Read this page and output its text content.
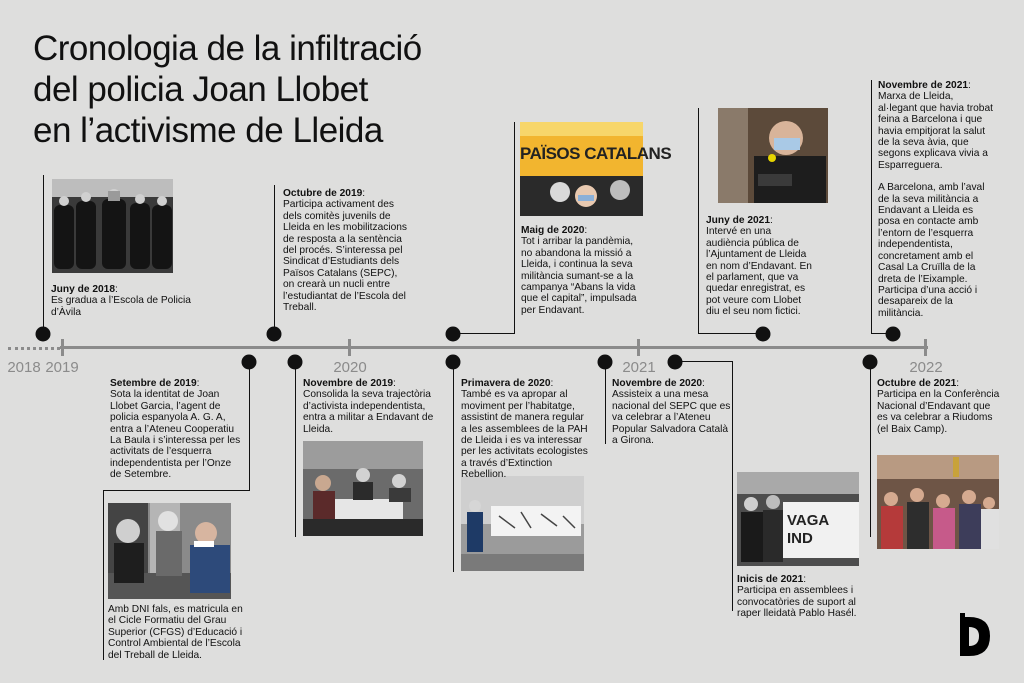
Cronologia de la infiltració
del policia Joan Llobet
en l’activisme de Lleida
2018 2019	2020	2021	2022
PAÏSOS CATALANS
VAGA IND
Juny de 2018:
Es gradua a l’Escola de Policia d’Àvila
Setembre de 2019:
Sota la identitat de Joan Llobet Garcia, l’agent de policia espanyola A. G. A, entra a l’Ateneu Cooperatiu La Baula i s’interessa per les activitats de l’esquerra independentista per l’Onze de Setembre.
Amb DNI fals, es matricula en el Cicle Formatiu del Grau Superior (CFGS) d’Educació i Control Ambiental de l’Escola del Treball de Lleida.
Octubre de 2019:
Participa activament des dels comitès juvenils de Lleida en les mobilitzacions de resposta a la sentència del procés. S’interessa pel Sindicat d’Estudiants dels Països Catalans (SEPC), on crearà un nucli entre l’estudiantat de l’Escola del Treball.
Novembre de 2019:
Consolida la seva trajectòria d’activista independentista, entra a militar a Endavant de Lleida.
Maig de 2020:
Tot i arribar la pandèmia, no abandona la missió a Lleida, i continua la seva militància sumant-se a la campanya “Abans la vida que el capital”, impulsada per Endavant.
Primavera de 2020:
També es va apropar al moviment per l’habitatge, assistint de manera regular a les assemblees de la PAH de Lleida i es va interessar per les activitats ecologistes a través d’Extinction Rebellion.
Novembre de 2020:
Assisteix a una mesa nacional del SEPC que es va celebrar a l’Ateneu Popular Salvadora Català a Girona.
Inicis de 2021:
Participa en assemblees i convocatòries de suport al raper lleidatà Pablo Hasél.
Juny de 2021:
Intervé en una audiència pública de l’Ajuntament de Lleida en nom d’Endavant. En el parlament, que va quedar enregistrat, es pot veure com Llobet diu el seu nom fictici.
Octubre de 2021:
Participa en la Conferència Nacional d’Endavant que es va celebrar a Riudoms (el Baix Camp).
Novembre de 2021:
Marxa de Lleida, al·legant que havia trobat feina a Barcelona i que havia empitjorat la salut de la seva àvia, que segons explicava vivia a Esparreguera.
A Barcelona, amb l’aval de la seva militància a Endavant a Lleida es posa en contacte amb l’entorn de l’esquerra independentista, concretament amb el Casal La Cruïlla de la dreta de l’Eixample. Participa d’una acció i desapareix de la militància.
